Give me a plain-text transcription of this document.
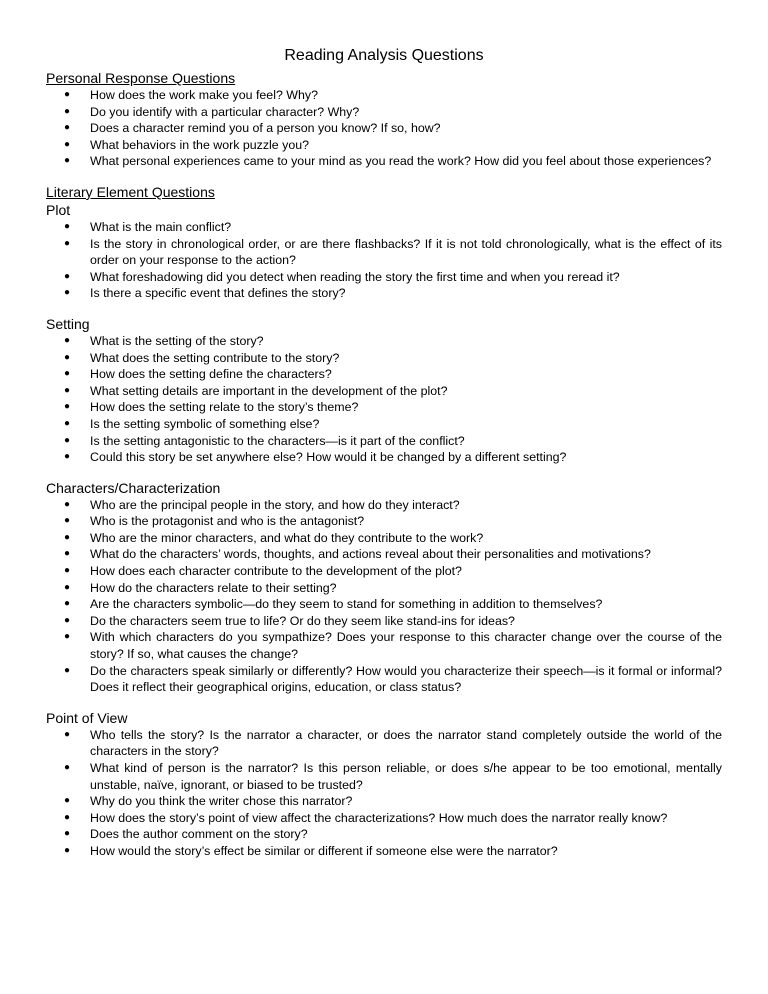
Reading Analysis Questions
Personal Response Questions
● How does the work make you feel? Why?
● Do you identify with a particular character? Why?
● Does a character remind you of a person you know? If so, how?
● What behaviors in the work puzzle you?
● What personal experiences came to your mind as you read the work? How did you feel about those experiences?
Literary Element Questions
Plot
● What is the main conflict?
● Is the story in chronological order, or are there flashbacks? If it is not told chronologically, what is the effect of its order on your response to the action?
● What foreshadowing did you detect when reading the story the first time and when you reread it?
● Is there a specific event that defines the story?
Setting
● What is the setting of the story?
● What does the setting contribute to the story?
● How does the setting define the characters?
● What setting details are important in the development of the plot?
● How does the setting relate to the story’s theme?
● Is the setting symbolic of something else?
● Is the setting antagonistic to the characters—is it part of the conflict?
● Could this story be set anywhere else? How would it be changed by a different setting?
Characters/Characterization
● Who are the principal people in the story, and how do they interact?
● Who is the protagonist and who is the antagonist?
● Who are the minor characters, and what do they contribute to the work?
● What do the characters’ words, thoughts, and actions reveal about their personalities and motivations?
● How does each character contribute to the development of the plot?
● How do the characters relate to their setting?
● Are the characters symbolic—do they seem to stand for something in addition to themselves?
● Do the characters seem true to life? Or do they seem like stand-ins for ideas?
● With which characters do you sympathize? Does your response to this character change over the course of the story? If so, what causes the change?
● Do the characters speak similarly or differently? How would you characterize their speech—is it formal or informal? Does it reflect their geographical origins, education, or class status?
Point of View
● Who tells the story? Is the narrator a character, or does the narrator stand completely outside the world of the characters in the story?
● What kind of person is the narrator? Is this person reliable, or does s/he appear to be too emotional, mentally unstable, naïve, ignorant, or biased to be trusted?
● Why do you think the writer chose this narrator?
● How does the story’s point of view affect the characterizations? How much does the narrator really know?
● Does the author comment on the story?
● How would the story’s effect be similar or different if someone else were the narrator?
